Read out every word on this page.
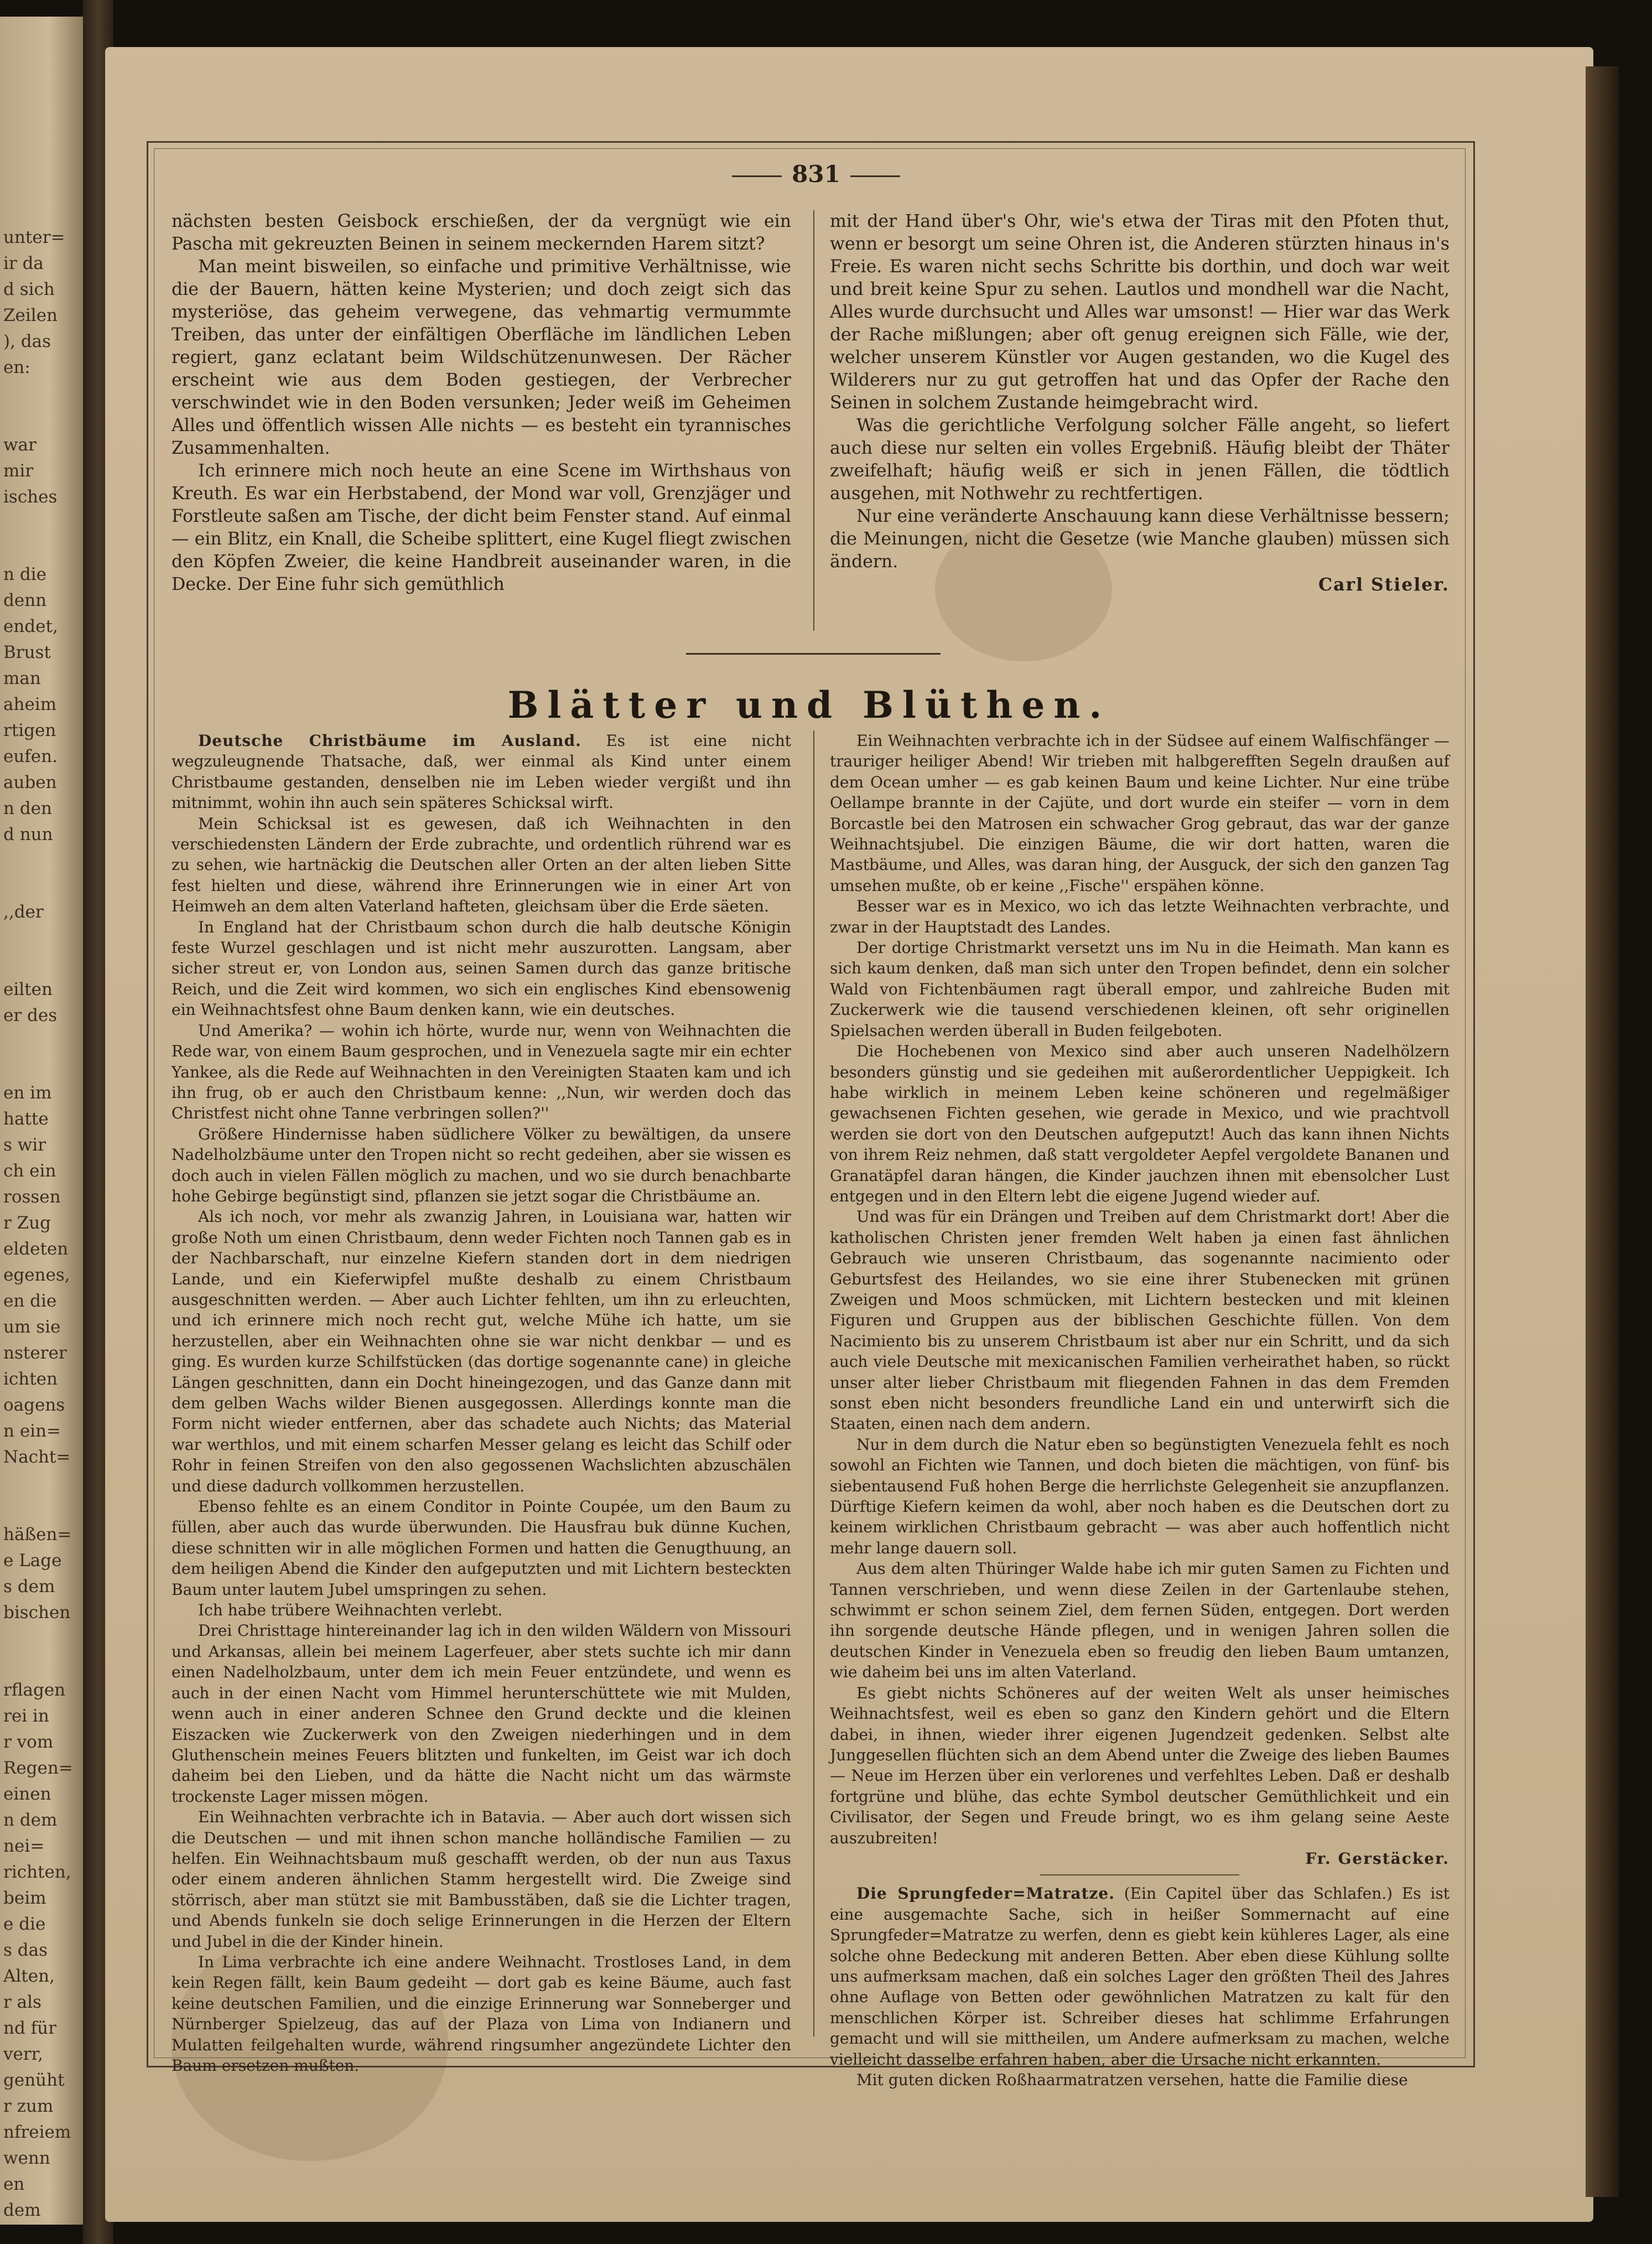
unter=
ir da
d sich
Zeilen
), das
en:
war
mir
isches
n die
denn
endet,
Brust
man
aheim
rtigen
eufen.
auben
n den
d nun
,,der
eilten
er des
en im
hatte
s wir
ch ein
rossen
r Zug
eldeten
egenes,
en die
um sie
nsterer
ichten
oagens
n ein=
Nacht=
häßen=
e Lage
s dem
bischen
rflagen
rei in
r vom
Regen=
einen
n dem
nei=
richten,
beim
e die
s das
Alten,
r als
nd für
verr,
genüht
r zum
nfreiem
wenn
en
dem
831

nächsten besten Geisbock erschießen, der da vergnügt wie ein Pascha mit gekreuzten Beinen in seinem meckernden Harem sitzt?

Man meint bisweilen, so einfache und primitive Verhältnisse, wie die der Bauern, hätten keine Mysterien; und doch zeigt sich das mysteriöse, das geheim verwegene, das vehmartig vermummte Treiben, das unter der einfältigen Oberfläche im ländlichen Leben regiert, ganz eclatant beim Wildschützenunwesen. Der Rächer erscheint wie aus dem Boden gestiegen, der Verbrecher verschwindet wie in den Boden versunken; Jeder weiß im Geheimen Alles und öffentlich wissen Alle nichts — es besteht ein tyrannisches Zusammenhalten.

Ich erinnere mich noch heute an eine Scene im Wirthshaus von Kreuth. Es war ein Herbstabend, der Mond war voll, Grenzjäger und Forstleute saßen am Tische, der dicht beim Fenster stand. Auf einmal — ein Blitz, ein Knall, die Scheibe splittert, eine Kugel fliegt zwischen den Köpfen Zweier, die keine Handbreit auseinander waren, in die Decke. Der Eine fuhr sich gemüthlich

mit der Hand über's Ohr, wie's etwa der Tiras mit den Pfoten thut, wenn er besorgt um seine Ohren ist, die Anderen stürzten hinaus in's Freie. Es waren nicht sechs Schritte bis dorthin, und doch war weit und breit keine Spur zu sehen. Lautlos und mondhell war die Nacht, Alles wurde durchsucht und Alles war umsonst! — Hier war das Werk der Rache mißlungen; aber oft genug ereignen sich Fälle, wie der, welcher unserem Künstler vor Augen gestanden, wo die Kugel des Wilderers nur zu gut getroffen hat und das Opfer der Rache den Seinen in solchem Zustande heimgebracht wird.

Was die gerichtliche Verfolgung solcher Fälle angeht, so liefert auch diese nur selten ein volles Ergebniß. Häufig bleibt der Thäter zweifelhaft; häufig weiß er sich in jenen Fällen, die tödtlich ausgehen, mit Nothwehr zu rechtfertigen.

Nur eine veränderte Anschauung kann diese Verhältnisse bessern; die Meinungen, nicht die Gesetze (wie Manche glauben) müssen sich ändern.

Carl Stieler.

Blätter und Blüthen.

Deutsche Christbäume im Ausland. Es ist eine nicht wegzuleugnende Thatsache, daß, wer einmal als Kind unter einem Christbaume gestanden, denselben nie im Leben wieder vergißt und ihn mitnimmt, wohin ihn auch sein späteres Schicksal wirft.

Mein Schicksal ist es gewesen, daß ich Weihnachten in den verschiedensten Ländern der Erde zubrachte, und ordentlich rührend war es zu sehen, wie hartnäckig die Deutschen aller Orten an der alten lieben Sitte fest hielten und diese, während ihre Erinnerungen wie in einer Art von Heimweh an dem alten Vaterland hafteten, gleichsam über die Erde säeten.

In England hat der Christbaum schon durch die halb deutsche Königin feste Wurzel geschlagen und ist nicht mehr auszurotten. Langsam, aber sicher streut er, von London aus, seinen Samen durch das ganze britische Reich, und die Zeit wird kommen, wo sich ein englisches Kind ebensowenig ein Weihnachtsfest ohne Baum denken kann, wie ein deutsches.

Und Amerika? — wohin ich hörte, wurde nur, wenn von Weihnachten die Rede war, von einem Baum gesprochen, und in Venezuela sagte mir ein echter Yankee, als die Rede auf Weihnachten in den Vereinigten Staaten kam und ich ihn frug, ob er auch den Christbaum kenne: ,,Nun, wir werden doch das Christfest nicht ohne Tanne verbringen sollen?''

Größere Hindernisse haben südlichere Völker zu bewältigen, da unsere Nadelholzbäume unter den Tropen nicht so recht gedeihen, aber sie wissen es doch auch in vielen Fällen möglich zu machen, und wo sie durch benachbarte hohe Gebirge begünstigt sind, pflanzen sie jetzt sogar die Christbäume an.

Als ich noch, vor mehr als zwanzig Jahren, in Louisiana war, hatten wir große Noth um einen Christbaum, denn weder Fichten noch Tannen gab es in der Nachbarschaft, nur einzelne Kiefern standen dort in dem niedrigen Lande, und ein Kieferwipfel mußte deshalb zu einem Christbaum ausgeschnitten werden. — Aber auch Lichter fehlten, um ihn zu erleuchten, und ich erinnere mich noch recht gut, welche Mühe ich hatte, um sie herzustellen, aber ein Weihnachten ohne sie war nicht denkbar — und es ging. Es wurden kurze Schilfstücken (das dortige sogenannte cane) in gleiche Längen geschnitten, dann ein Docht hineingezogen, und das Ganze dann mit dem gelben Wachs wilder Bienen ausgegossen. Allerdings konnte man die Form nicht wieder entfernen, aber das schadete auch Nichts; das Material war werthlos, und mit einem scharfen Messer gelang es leicht das Schilf oder Rohr in feinen Streifen von den also gegossenen Wachslichten abzuschälen und diese dadurch vollkommen herzustellen.

Ebenso fehlte es an einem Conditor in Pointe Coupée, um den Baum zu füllen, aber auch das wurde überwunden. Die Hausfrau buk dünne Kuchen, diese schnitten wir in alle möglichen Formen und hatten die Genugthuung, an dem heiligen Abend die Kinder den aufgeputzten und mit Lichtern besteckten Baum unter lautem Jubel umspringen zu sehen.

Ich habe trübere Weihnachten verlebt.

Drei Christtage hintereinander lag ich in den wilden Wäldern von Missouri und Arkansas, allein bei meinem Lagerfeuer, aber stets suchte ich mir dann einen Nadelholzbaum, unter dem ich mein Feuer entzündete, und wenn es auch in der einen Nacht vom Himmel herunterschüttete wie mit Mulden, wenn auch in einer anderen Schnee den Grund deckte und die kleinen Eiszacken wie Zuckerwerk von den Zweigen niederhingen und in dem Gluthenschein meines Feuers blitzten und funkelten, im Geist war ich doch daheim bei den Lieben, und da hätte die Nacht nicht um das wärmste trockenste Lager missen mögen.

Ein Weihnachten verbrachte ich in Batavia. — Aber auch dort wissen sich die Deutschen — und mit ihnen schon manche holländische Familien — zu helfen. Ein Weihnachtsbaum muß geschafft werden, ob der nun aus Taxus oder einem anderen ähnlichen Stamm hergestellt wird. Die Zweige sind störrisch, aber man stützt sie mit Bambusstäben, daß sie die Lichter tragen, und Abends funkeln sie doch selige Erinnerungen in die Herzen der Eltern und Jubel in die der Kinder hinein.

In Lima verbrachte ich eine andere Weihnacht. Trostloses Land, in dem kein Regen fällt, kein Baum gedeiht — dort gab es keine Bäume, auch fast keine deutschen Familien, und die einzige Erinnerung war Sonneberger und Nürnberger Spielzeug, das auf der Plaza von Lima von Indianern und Mulatten feilgehalten wurde, während ringsumher angezündete Lichter den Baum ersetzen mußten.

Ein Weihnachten verbrachte ich in der Südsee auf einem Walfischfänger — trauriger heiliger Abend! Wir trieben mit halbgerefften Segeln draußen auf dem Ocean umher — es gab keinen Baum und keine Lichter. Nur eine trübe Oellampe brannte in der Cajüte, und dort wurde ein steifer — vorn in dem Borcastle bei den Matrosen ein schwacher Grog gebraut, das war der ganze Weihnachtsjubel. Die einzigen Bäume, die wir dort hatten, waren die Mastbäume, und Alles, was daran hing, der Ausguck, der sich den ganzen Tag umsehen mußte, ob er keine ,,Fische'' erspähen könne.

Besser war es in Mexico, wo ich das letzte Weihnachten verbrachte, und zwar in der Hauptstadt des Landes.

Der dortige Christmarkt versetzt uns im Nu in die Heimath. Man kann es sich kaum denken, daß man sich unter den Tropen befindet, denn ein solcher Wald von Fichtenbäumen ragt überall empor, und zahlreiche Buden mit Zuckerwerk wie die tausend verschiedenen kleinen, oft sehr originellen Spielsachen werden überall in Buden feilgeboten.

Die Hochebenen von Mexico sind aber auch unseren Nadelhölzern besonders günstig und sie gedeihen mit außerordentlicher Ueppigkeit. Ich habe wirklich in meinem Leben keine schöneren und regelmäßiger gewachsenen Fichten gesehen, wie gerade in Mexico, und wie prachtvoll werden sie dort von den Deutschen aufgeputzt! Auch das kann ihnen Nichts von ihrem Reiz nehmen, daß statt vergoldeter Aepfel vergoldete Bananen und Granatäpfel daran hängen, die Kinder jauchzen ihnen mit ebensolcher Lust entgegen und in den Eltern lebt die eigene Jugend wieder auf.

Und was für ein Drängen und Treiben auf dem Christmarkt dort! Aber die katholischen Christen jener fremden Welt haben ja einen fast ähnlichen Gebrauch wie unseren Christbaum, das sogenannte nacimiento oder Geburtsfest des Heilandes, wo sie eine ihrer Stubenecken mit grünen Zweigen und Moos schmücken, mit Lichtern bestecken und mit kleinen Figuren und Gruppen aus der biblischen Geschichte füllen. Von dem Nacimiento bis zu unserem Christbaum ist aber nur ein Schritt, und da sich auch viele Deutsche mit mexicanischen Familien verheirathet haben, so rückt unser alter lieber Christbaum mit fliegenden Fahnen in das dem Fremden sonst eben nicht besonders freundliche Land ein und unterwirft sich die Staaten, einen nach dem andern.

Nur in dem durch die Natur eben so begünstigten Venezuela fehlt es noch sowohl an Fichten wie Tannen, und doch bieten die mächtigen, von fünf- bis siebentausend Fuß hohen Berge die herrlichste Gelegenheit sie anzupflanzen. Dürftige Kiefern keimen da wohl, aber noch haben es die Deutschen dort zu keinem wirklichen Christbaum gebracht — was aber auch hoffentlich nicht mehr lange dauern soll.

Aus dem alten Thüringer Walde habe ich mir guten Samen zu Fichten und Tannen verschrieben, und wenn diese Zeilen in der Gartenlaube stehen, schwimmt er schon seinem Ziel, dem fernen Süden, entgegen. Dort werden ihn sorgende deutsche Hände pflegen, und in wenigen Jahren sollen die deutschen Kinder in Venezuela eben so freudig den lieben Baum umtanzen, wie daheim bei uns im alten Vaterland.

Es giebt nichts Schöneres auf der weiten Welt als unser heimisches Weihnachtsfest, weil es eben so ganz den Kindern gehört und die Eltern dabei, in ihnen, wieder ihrer eigenen Jugendzeit gedenken. Selbst alte Junggesellen flüchten sich an dem Abend unter die Zweige des lieben Baumes — Neue im Herzen über ein verlorenes und verfehltes Leben. Daß er deshalb fortgrüne und blühe, das echte Symbol deutscher Gemüthlichkeit und ein Civilisator, der Segen und Freude bringt, wo es ihm gelang seine Aeste auszubreiten!

Fr. Gerstäcker.

Die Sprungfeder=Matratze. (Ein Capitel über das Schlafen.) Es ist eine ausgemachte Sache, sich in heißer Sommernacht auf eine Sprungfeder=Matratze zu werfen, denn es giebt kein kühleres Lager, als eine solche ohne Bedeckung mit anderen Betten. Aber eben diese Kühlung sollte uns aufmerksam machen, daß ein solches Lager den größten Theil des Jahres ohne Auflage von Betten oder gewöhnlichen Matratzen zu kalt für den menschlichen Körper ist. Schreiber dieses hat schlimme Erfahrungen gemacht und will sie mittheilen, um Andere aufmerksam zu machen, welche vielleicht dasselbe erfahren haben, aber die Ursache nicht erkannten.

Mit guten dicken Roßhaarmatratzen versehen, hatte die Familie diese
